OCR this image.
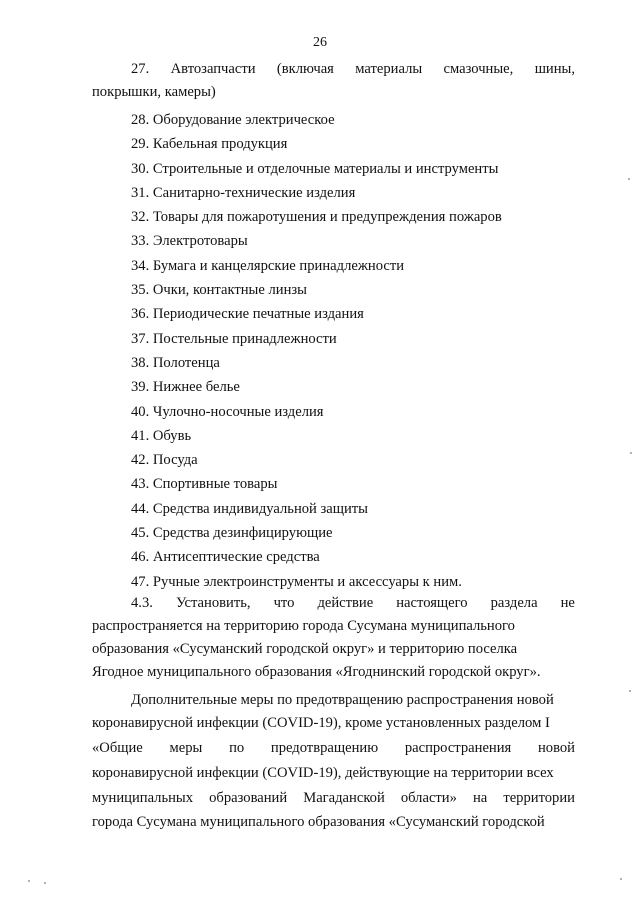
26
27. Автозапчасти (включая материалы смазочные, шины,
покрышки, камеры)
28. Оборудование электрическое
29. Кабельная продукция
30. Строительные и отделочные материалы и инструменты
31. Санитарно-технические изделия
32. Товары для пожаротушения и предупреждения пожаров
33. Электротовары
34. Бумага и канцелярские принадлежности
35. Очки, контактные линзы
36. Периодические печатные издания
37. Постельные принадлежности
38. Полотенца
39. Нижнее белье
40. Чулочно-носочные изделия
41. Обувь
42. Посуда
43. Спортивные товары
44. Средства индивидуальной защиты
45. Средства дезинфицирующие
46. Антисептические средства
47. Ручные электроинструменты и аксессуары к ним.
4.3. Установить, что действие настоящего раздела не
распространяется на территорию города Сусумана муниципального
образования «Сусуманский городской округ» и территорию поселка
Ягодное муниципального образования «Ягоднинский городской округ».
Дополнительные меры по предотвращению распространения новой
коронавирусной инфекции (COVID-19), кроме установленных разделом I
«Общие меры по предотвращению распространения новой
коронавирусной инфекции (COVID-19), действующие на территории всех
муниципальных образований Магаданской области» на территории
города Сусумана муниципального образования «Сусуманский городской
